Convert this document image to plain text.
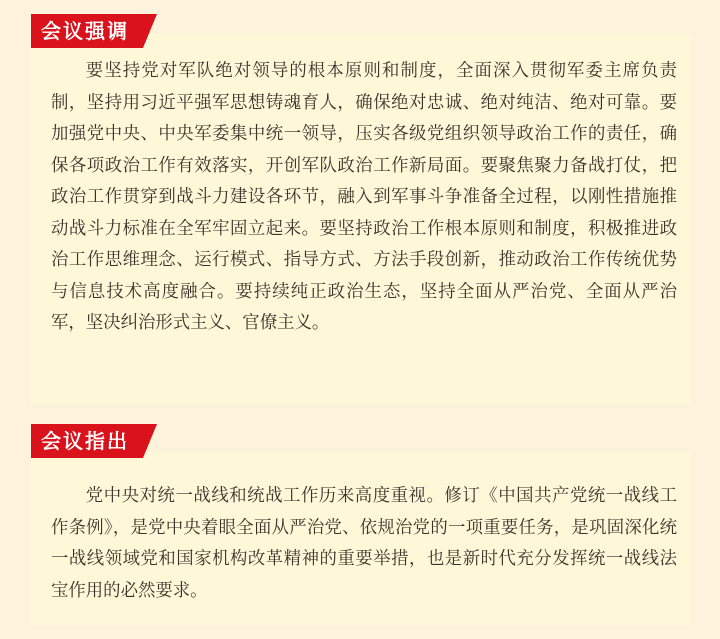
要坚持党对军队绝对领导的根本原则和制度，全面深入贯彻军委主席负责制，坚持用习近平强军思想铸魂育人，确保绝对忠诚、绝对纯洁、绝对可靠。要加强党中央、中央军委集中统一领导，压实各级党组织领导政治工作的责任，确保各项政治工作有效落实，开创军队政治工作新局面。要聚焦聚力备战打仗，把政治工作贯穿到战斗力建设各环节，融入到军事斗争准备全过程，以刚性措施推动战斗力标准在全军牢固立起来。要坚持政治工作根本原则和制度，积极推进政治工作思维理念、运行模式、指导方式、方法手段创新，推动政治工作传统优势与信息技术高度融合。要持续纯正政治生态，坚持全面从严治党、全面从严治军，坚决纠治形式主义、官僚主义。

会议强调

党中央对统一战线和统战工作历来高度重视。修订《中国共产党统一战线工作条例》，是党中央着眼全面从严治党、依规治党的一项重要任务，是巩固深化统一战线领域党和国家机构改革精神的重要举措，也是新时代充分发挥统一战线法宝作用的必然要求。

会议指出
